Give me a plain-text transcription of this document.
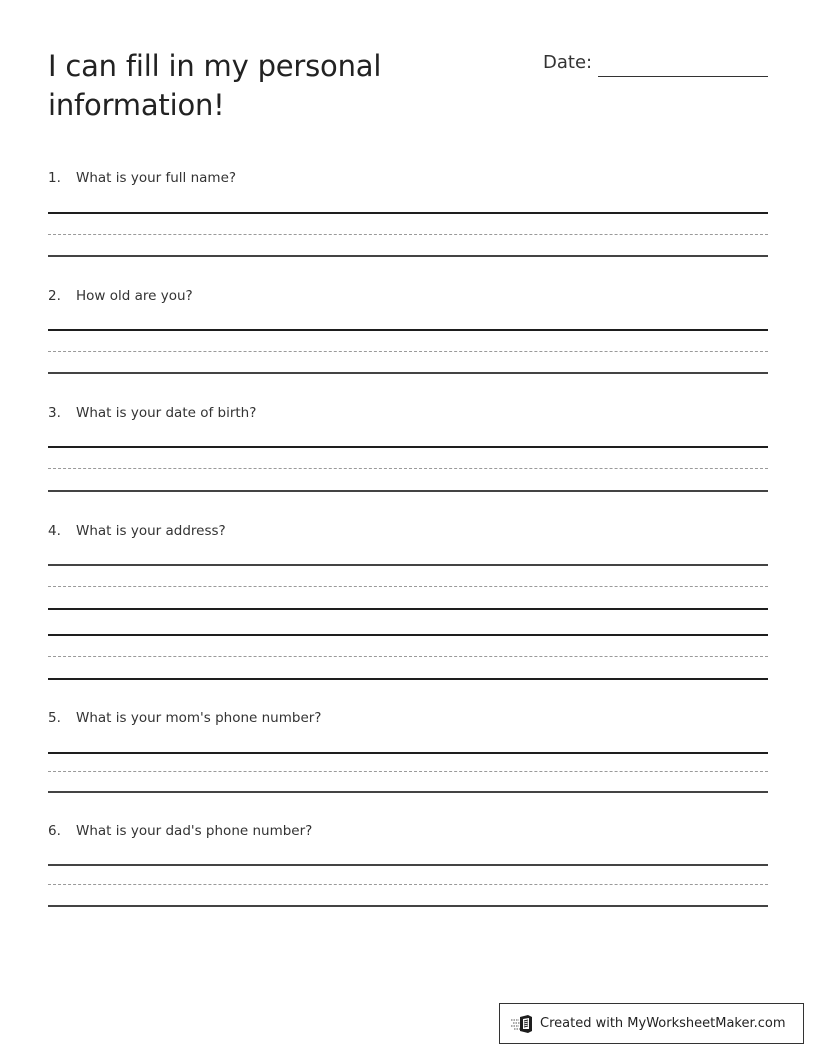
I can fill in my personal information!
Date:
1. What is your full name?
2. How old are you?
3. What is your date of birth?
4. What is your address?
5. What is your mom's phone number?
6. What is your dad's phone number?
Created with MyWorksheetMaker.com
